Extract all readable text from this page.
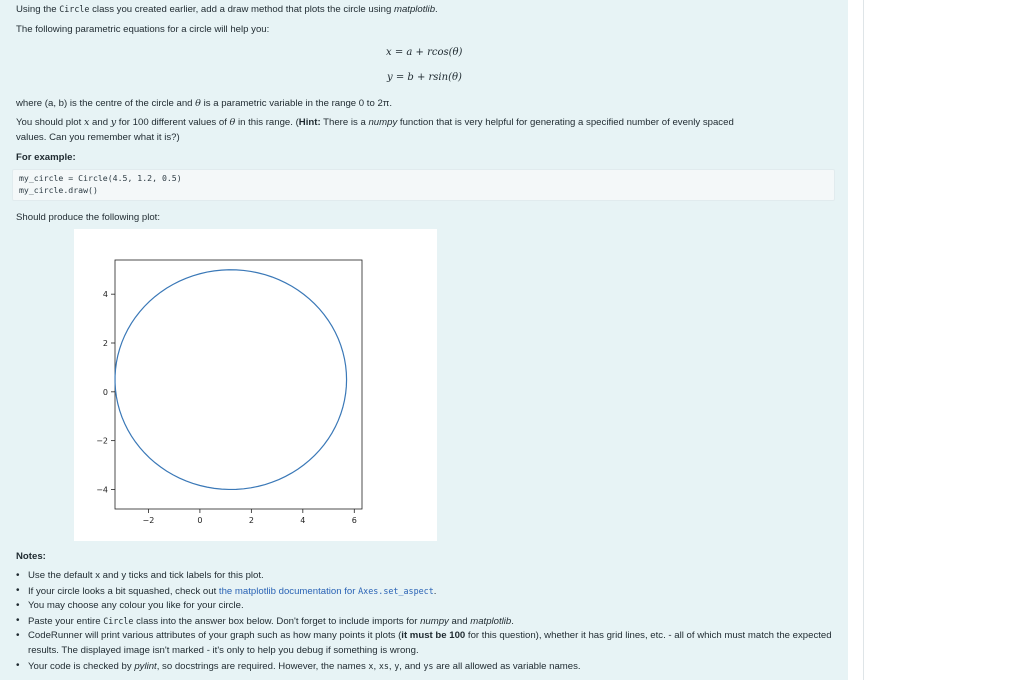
Using the Circle class you created earlier, add a draw method that plots the circle using matplotlib.
The following parametric equations for a circle will help you:
x = a + rcos(θ)
y = b + rsin(θ)
where (a, b) is the centre of the circle and θ is a parametric variable in the range 0 to 2π.
You should plot x and y for 100 different values of θ in this range. (Hint: There is a numpy function that is very helpful for generating a specified number of evenly spaced
values. Can you remember what it is?)
For example:
my_circle = Circle(4.5, 1.2, 0.5)
my_circle.draw()
Should produce the following plot:
−2	0	2	4	6
4
2
0
−2
−4
Notes:
• Use the default x and y ticks and tick labels for this plot.
• If your circle looks a bit squashed, check out the matplotlib documentation for Axes.set_aspect.
• You may choose any colour you like for your circle.
• Paste your entire Circle class into the answer box below. Don't forget to include imports for numpy and matplotlib.
• CodeRunner will print various attributes of your graph such as how many points it plots (it must be 100 for this question), whether it has grid lines, etc. - all of which must match the expected results. The displayed image isn't marked - it's only to help you debug if something is wrong.
• Your code is checked by pylint, so docstrings are required. However, the names x, xs, y, and ys are all allowed as variable names.
